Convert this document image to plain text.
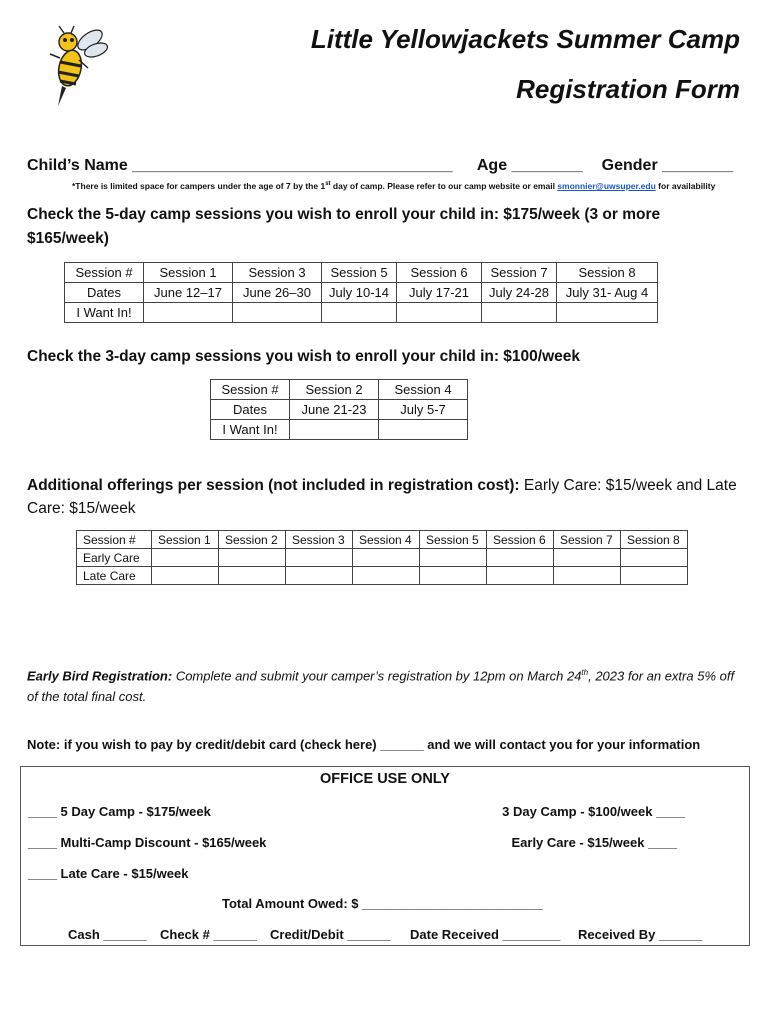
Little Yellowjackets Summer Camp
Registration Form
Child’s Name ____________________________________ Age ________ Gender ________
*There is limited space for campers under the age of 7 by the 1st day of camp. Please refer to our camp website or email smonnier@uwsuper.edu for availability
Check the 5-day camp sessions you wish to enroll your child in: $175/week (3 or more $165/week)
Session #	Session 1	Session 3	Session 5	Session 6	Session 7	Session 8
Dates	June 12–17	June 26–30	July 10-14	July 17-21	July 24-28	July 31- Aug 4
I Want In!						
Check the 3-day camp sessions you wish to enroll your child in: $100/week
Session #	Session 2	Session 4
Dates	June 21-23	July 5-7
I Want In!		
Additional offerings per session (not included in registration cost): Early Care: $15/week and Late Care: $15/week
Session #	Session 1	Session 2	Session 3	Session 4	Session 5	Session 6	Session 7	Session 8
Early Care								
Late Care								
Early Bird Registration: Complete and submit your camper’s registration by 12pm on March 24th, 2023 for an extra 5% off of the total final cost.
Note: if you wish to pay by credit/debit card (check here) ______ and we will contact you for your information
OFFICE USE ONLY
____ 5 Day Camp - $175/week	3 Day Camp - $100/week ____
____ Multi-Camp Discount - $165/week	Early Care - $15/week ____
____ Late Care - $15/week
Total Amount Owed: $ _________________________
Cash ______ Check # ______ Credit/Debit ______ Date Received ________ Received By ______
